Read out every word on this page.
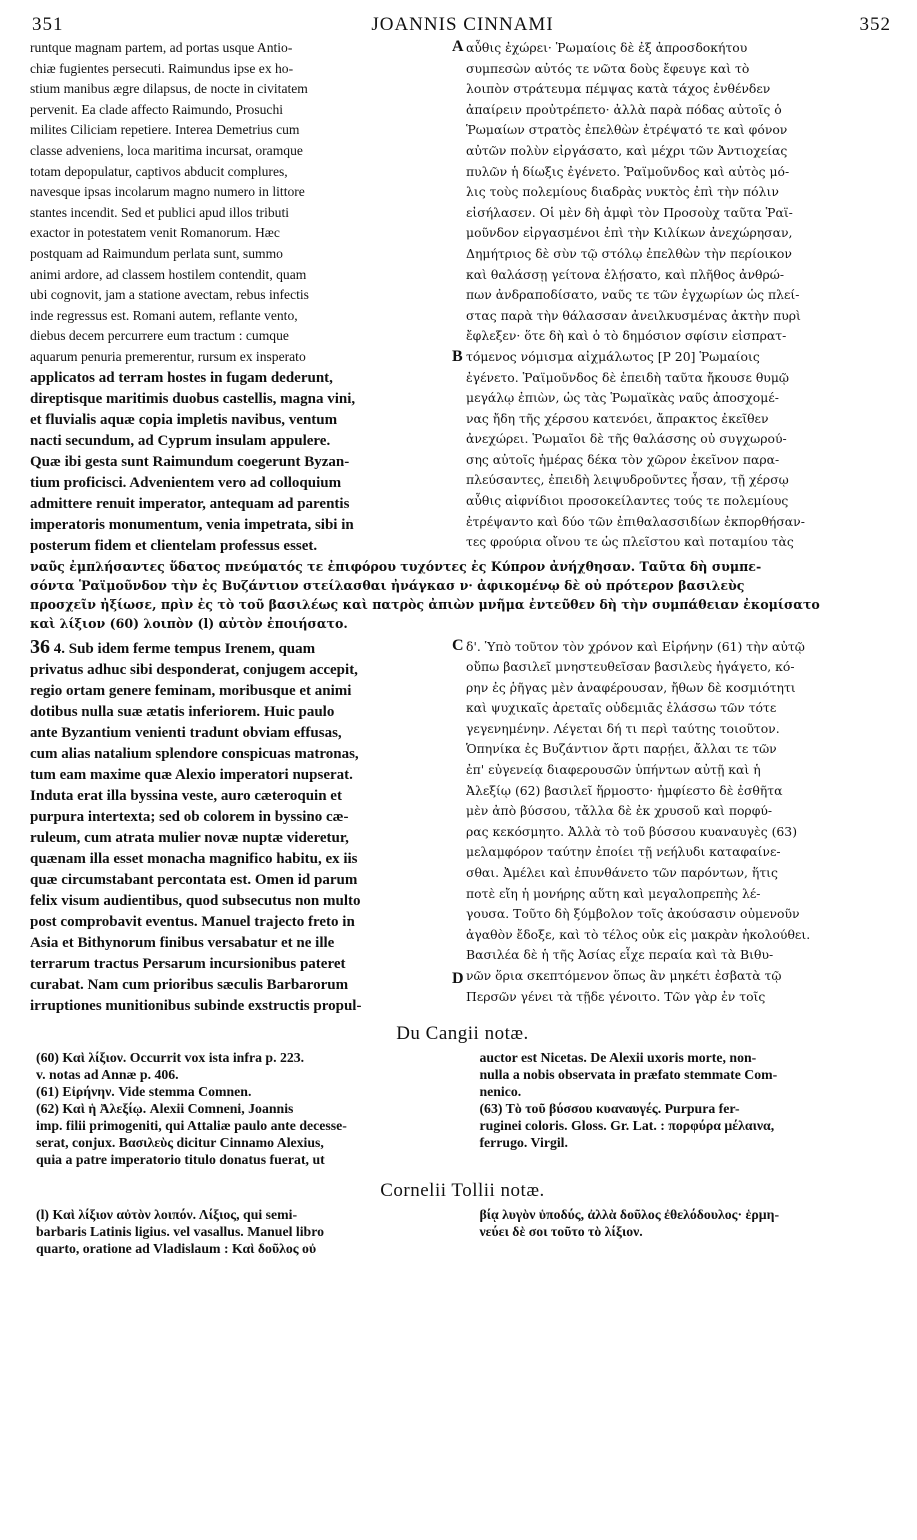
351	JOANNIS CINNAMI	352
A
B
runtque magnam partem, ad portas usque Antio-
chiæ fugientes persecuti. Raimundus ipse ex ho-
stium manibus ægre dilapsus, de nocte in civitatem
pervenit. Ea clade affecto Raimundo, Prosuchi
milites Ciliciam repetiere. Interea Demetrius cum
classe adveniens, loca maritima incursat, oramque
totam depopulatur, captivos abducit complures,
navesque ipsas incolarum magno numero in littore
stantes incendit. Sed et publici apud illos tributi
exactor in potestatem venit Romanorum. Hæc
postquam ad Raimundum perlata sunt, summo
animi ardore, ad classem hostilem contendit, quam
ubi cognovit, jam a statione avectam, rebus infectis
inde regressus est. Romani autem, reflante vento,
diebus decem percurrere eum tractum : cumque
aquarum penuria premerentur, rursum ex insperato
αὖθις ἐχώρει· Ῥωμαίοις δὲ ἐξ ἀπροσδοκήτου
συμπεσὼν αὐτός τε νῶτα δοὺς ἔφευγε καὶ τὸ
λοιπὸν στράτευμα πέμψας κατὰ τάχος ἐνθένδεν
ἀπαίρειν προὐτρέπετο· ἀλλὰ παρὰ πόδας αὐτοῖς ὁ
Ῥωμαίων στρατὸς ἐπελθὼν ἐτρέψατό τε καὶ φόνον
αὐτῶν πολὺν εἰργάσατο, καὶ μέχρι τῶν Ἀντιοχείας
πυλῶν ἡ δίωξις ἐγένετο. Ῥαϊμοῦνδος καὶ αὐτὸς μό-
λις τοὺς πολεμίους διαδρὰς νυκτὸς ἐπὶ τὴν πόλιν
εἰσήλασεν. Οἱ μὲν δὴ ἀμφὶ τὸν Προσοὺχ ταῦτα Ῥαϊ-
μοῦνδον εἰργασμένοι ἐπὶ τὴν Κιλίκων ἀνεχώρησαν,
Δημήτριος δὲ σὺν τῷ στόλῳ ἐπελθὼν τὴν περίοικον
καὶ θαλάσσῃ γείτονα ἐλῄσατο, καὶ πλῆθος ἀνθρώ-
πων ἀνδραποδίσατο, ναῦς τε τῶν ἐγχωρίων ὡς πλεί-
στας παρὰ τὴν θάλασσαν ἀνειλκυσμένας ἀκτὴν πυρὶ
ἔφλεξεν· ὅτε δὴ καὶ ὁ τὸ δημόσιον σφίσιν εἰσπρατ-
τόμενος νόμισμα αἰχμάλωτος [P 20] Ῥωμαίοις
applicatos ad terram hostes in fugam dederunt,
direptisque maritimis duobus castellis, magna vini,
et fluvialis aquæ copia impletis navibus, ventum
nacti secundum, ad Cyprum insulam appulere.
Quæ ibi gesta sunt Raimundum coegerunt Byzan-
tium proficisci. Advenientem vero ad colloquium
admittere renuit imperator, antequam ad parentis
imperatoris monumentum, venia impetrata, sibi in
posterum fidem et clientelam professus esset.
ἐγένετο. Ῥαϊμοῦνδος δὲ ἐπειδὴ ταῦτα ἤκουσε θυμῷ
μεγάλῳ ἐπιὼν, ὡς τὰς Ῥωμαϊκὰς ναῦς ἀποσχομέ-
νας ἤδη τῆς χέρσου κατενόει, ἄπρακτος ἐκεῖθεν
ἀνεχώρει. Ῥωμαῖοι δὲ τῆς θαλάσσης οὐ συγχωρού-
σης αὐτοῖς ἡμέρας δέκα τὸν χῶρον ἐκεῖνον παρα-
πλεύσαντες, ἐπειδὴ λειψυδροῦντες ἦσαν, τῇ χέρσῳ
αὖθις αἰφνίδιοι προσοκείλαντες τούς τε πολεμίους
ἐτρέψαντο καὶ δύο τῶν ἐπιθαλασσιδίων ἐκπορθήσαν-
τες φρούρια οἴνου τε ὡς πλεῖστου καὶ ποταμίου τὰς
ναῦς ἐμπλήσαντες ὕδατος πνεύματός τε ἐπιφόρου τυχόντες ἐς Κύπρον ἀνήχθησαν. Ταῦτα δὴ συμπε-
σόντα Ῥαϊμοῦνδον τὴν ἐς Βυζάντιον στείλασθαι ἠνάγκασ ν· ἀφικομένῳ δὲ οὐ πρότερον βασιλεὺς
προσχεῖν ἠξίωσε, πρὶν ἐς τὸ τοῦ βασιλέως καὶ πατρὸς ἀπιὼν μνῆμα ἐντεῦθεν δὴ τὴν συμπάθειαν ἐκομίσατο
καὶ λίξιον (60) λοιπὸν (l) αὐτὸν ἐποιήσατο.
C
D
36 4. Sub idem ferme tempus Irenem, quam
privatus adhuc sibi desponderat, conjugem accepit,
regio ortam genere feminam, moribusque et animi
dotibus nulla suæ ætatis inferiorem. Huic paulo
ante Byzantium venienti tradunt obviam effusas,
cum alias natalium splendore conspicuas matronas,
tum eam maxime quæ Alexio imperatori nupserat.
Induta erat illa byssina veste, auro cæteroquin et
purpura intertexta; sed ob colorem in byssino cæ-
ruleum, cum atrata mulier novæ nuptæ videretur,
quænam illa esset monacha magnifico habitu, ex iis
quæ circumstabant percontata est. Omen id parum
felix visum audientibus, quod subsecutus non multo
post comprobavit eventus. Manuel trajecto freto in
Asia et Bithynorum finibus versabatur et ne ille
terrarum tractus Persarum incursionibus pateret
curabat. Nam cum prioribus sæculis Barbarorum
irruptiones munitionibus subinde exstructis propul-
δ'. Ὑπὸ τοῦτον τὸν χρόνον καὶ Εἰρήνην (61) τὴν αὐτῷ
οὔπω βασιλεῖ μνηστευθεῖσαν βασιλεὺς ἠγάγετο, κό-
ρην ἐς ῥῆγας μὲν ἀναφέρουσαν, ἤθων δὲ κοσμιότητι
καὶ ψυχικαῖς ἀρεταῖς οὐδεμιᾶς ἐλάσσω τῶν τότε
γεγενημένην. Λέγεται δή τι περὶ ταύτης τοιοῦτον.
Ὁπηνίκα ἐς Βυζάντιον ἄρτι παρῄει, ἄλλαι τε τῶν
ἐπ' εὐγενείᾳ διαφερουσῶν ὑπήντων αὐτῇ καὶ ἡ
Ἀλεξίῳ (62) βασιλεῖ ἥρμοστο· ἠμφίεστο δὲ ἐσθῆτα
μὲν ἀπὸ βύσσου, τἄλλα δὲ ἐκ χρυσοῦ καὶ πορφύ-
ρας κεκόσμητο. Ἀλλὰ τὸ τοῦ βύσσου κυαναυγὲς (63)
μελαμφόρον ταύτην ἐποίει τῇ νεήλυδι καταφαίνε-
σθαι. Ἀμέλει καὶ ἐπυνθάνετο τῶν παρόντων, ἥτις
ποτὲ εἴη ἡ μονήρης αὕτη καὶ μεγαλοπρεπὴς λέ-
γουσα. Τοῦτο δὴ ξύμβολον τοῖς ἀκούσασιν οὐμενοῦν
ἀγαθὸν ἔδοξε, καὶ τὸ τέλος οὐκ εἰς μακρὰν ἠκολούθει.
Βασιλέα δὲ ἡ τῆς Ἀσίας εἶχε περαία καὶ τὰ Βιθυ-
νῶν ὅρια σκεπτόμενον ὅπως ἂν μηκέτι ἐσβατὰ τῷ
Περσῶν γένει τὰ τῇδε γένοιτο. Τῶν γὰρ ἐν τοῖς
Du Cangii notæ.
(60) Καὶ λίξιον. Occurrit vox ista infra p. 223.
v. notas ad Annæ p. 406.
(61) Εἰρήνην. Vide stemma Comnen.
(62) Καὶ ἡ Ἀλεξίῳ. Alexii Comneni, Joannis
imp. filii primogeniti, qui Attaliæ paulo ante decesse-
serat, conjux. Βασιλεὺς dicitur Cinnamo Alexius,
quia a patre imperatorio titulo donatus fuerat, ut
auctor est Nicetas. De Alexii uxoris morte, non-
nulla a nobis observata in præfato stemmate Com-
nenico.
(63) Τὸ τοῦ βύσσου κυαναυγές. Purpura fer-
ruginei coloris. Gloss. Gr. Lat. : πορφύρα μέλαινα,
ferrugo. Virgil.
Cornelii Tollii notæ.
(l) Καὶ λίξιον αὐτὸν λοιπόν. Λίξιος, qui semi-
barbaris Latinis ligius. vel vasallus. Manuel libro
quarto, oratione ad Vladislaum : Καὶ δοῦλος οὐ
βίᾳ λυγὸν ὑποδύς, ἀλλὰ δοῦλος ἐθελόδουλος· ἑρμη-
νεύει δὲ σοι τοῦτο τὸ λίξιον.
